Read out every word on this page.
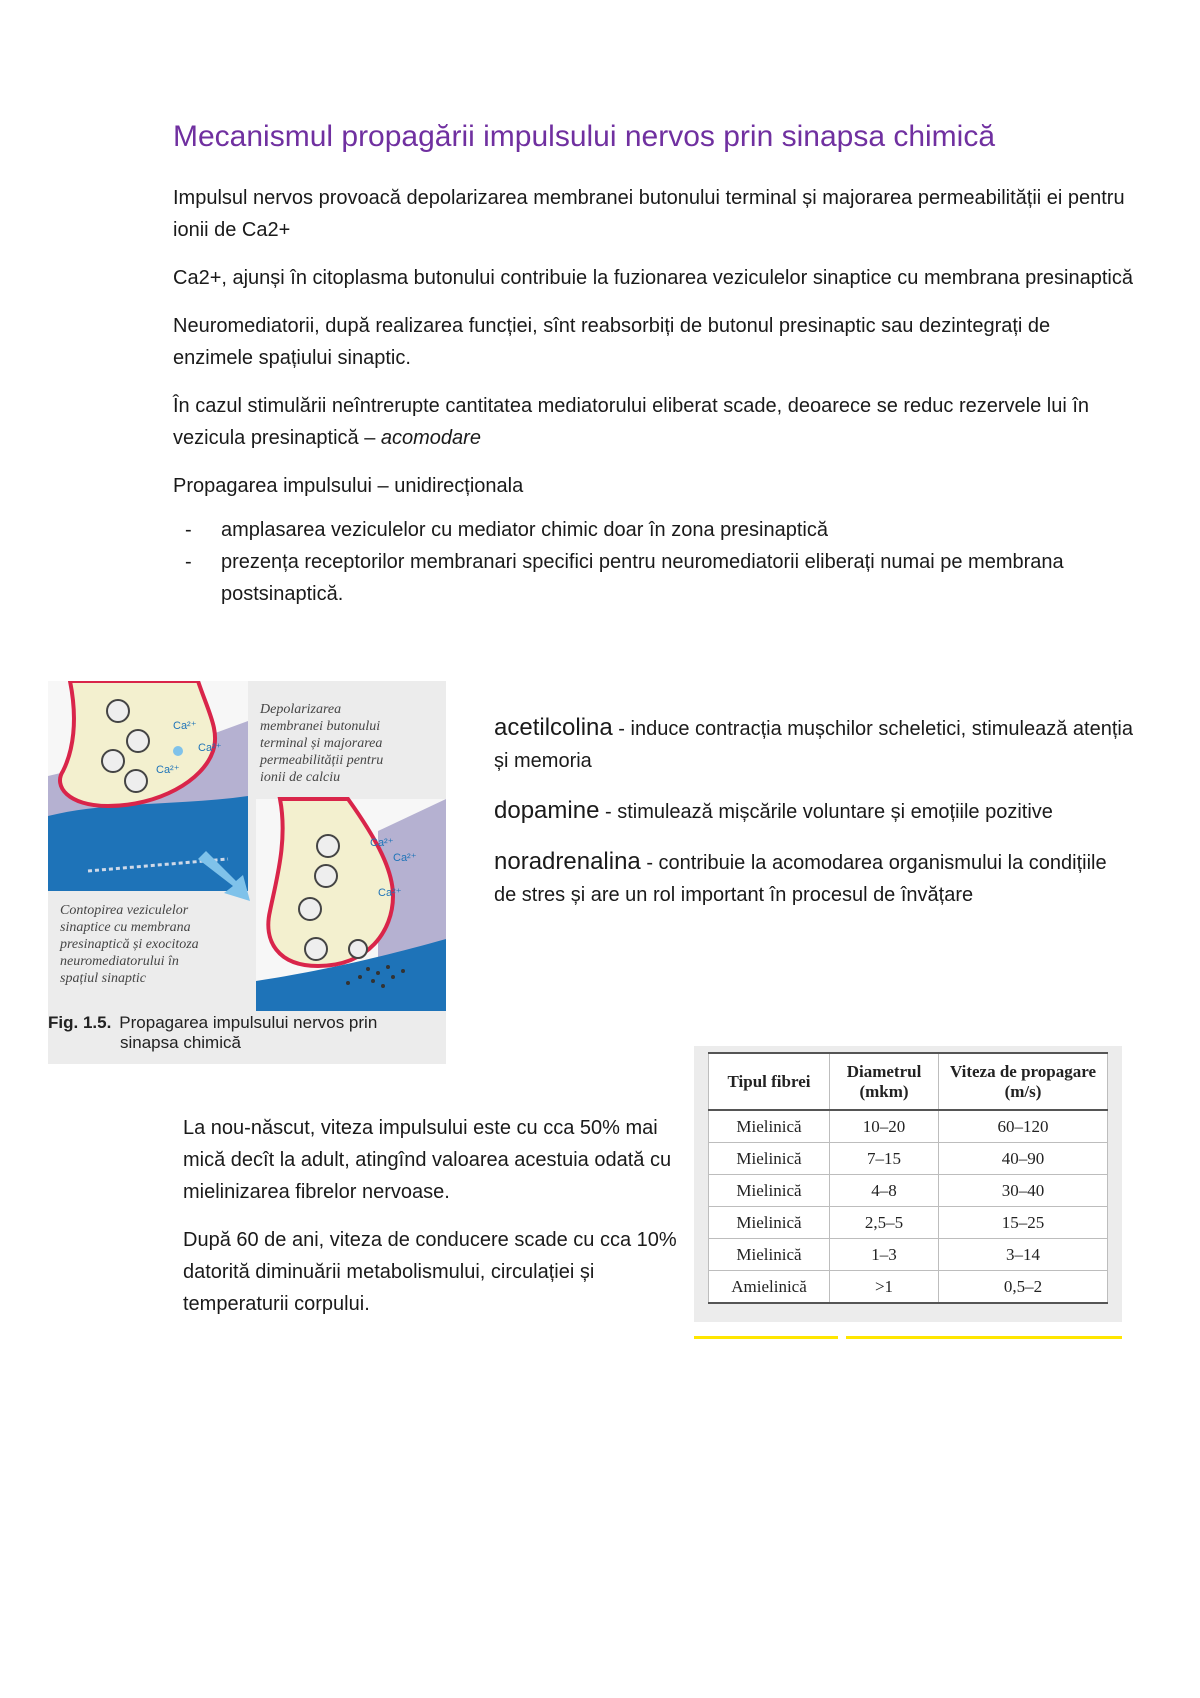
Mecanismul propagării impulsului nervos prin sinapsa chimică

Impulsul nervos provoacă depolarizarea membranei butonului terminal și majorarea permeabilității ei pentru ionii de Ca2+

Ca2+, ajunși în citoplasma butonului contribuie la fuzionarea veziculelor sinaptice cu membrana presinaptică

Neuromediatorii, după realizarea funcției, sînt reabsorbiți de butonul presinaptic sau dezintegrați de enzimele spațiului sinaptic.

În cazul stimulării neîntrerupte cantitatea mediatorului eliberat scade, deoarece se reduc rezervele lui în vezicula presinaptică – acomodare

Propagarea impulsului – unidirecționala

- amplasarea veziculelor cu mediator chimic doar în zona presinaptică
- prezența receptorilor membranari specifici pentru neuromediatorii eliberați numai pe membrana postsinaptică.
Ca²⁺
Ca²⁺
Ca²⁺
Depolarizarea
membranei butonului
terminal și majorarea
permeabilității pentru
ionii de calciu
Ca²⁺
Ca²⁺
Ca²⁺
Contopirea veziculelor
sinaptice cu membrana
presinaptică și exocitoza
neuromediatorului în
spațiul sinaptic
Fig. 1.5. Propagarea impulsului nervos prin
sinapsa chimică

acetilcolina - induce contracția mușchilor scheletici, stimulează atenția și memoria

dopamine - stimulează mișcările voluntare și emoțiile pozitive

noradrenalina - contribuie la acomodarea organismului la condițiile de stres și are un rol important în procesul de învățare

La nou-născut, viteza impulsului este cu cca 50% mai mică decît la adult, atingînd valoarea acestuia odată cu mielinizarea fibrelor nervoase.

După 60 de ani, viteza de conducere scade cu cca 10% datorită diminuării metabolismului, circulației și temperaturii corpului.

Tipul fibrei	Diametrul (mkm)	Viteza de propagare (m/s)
Mielinică	10–20	60–120
Mielinică	7–15	40–90
Mielinică	4–8	30–40
Mielinică	2,5–5	15–25
Mielinică	1–3	3–14
Amielinică	>1	0,5–2
